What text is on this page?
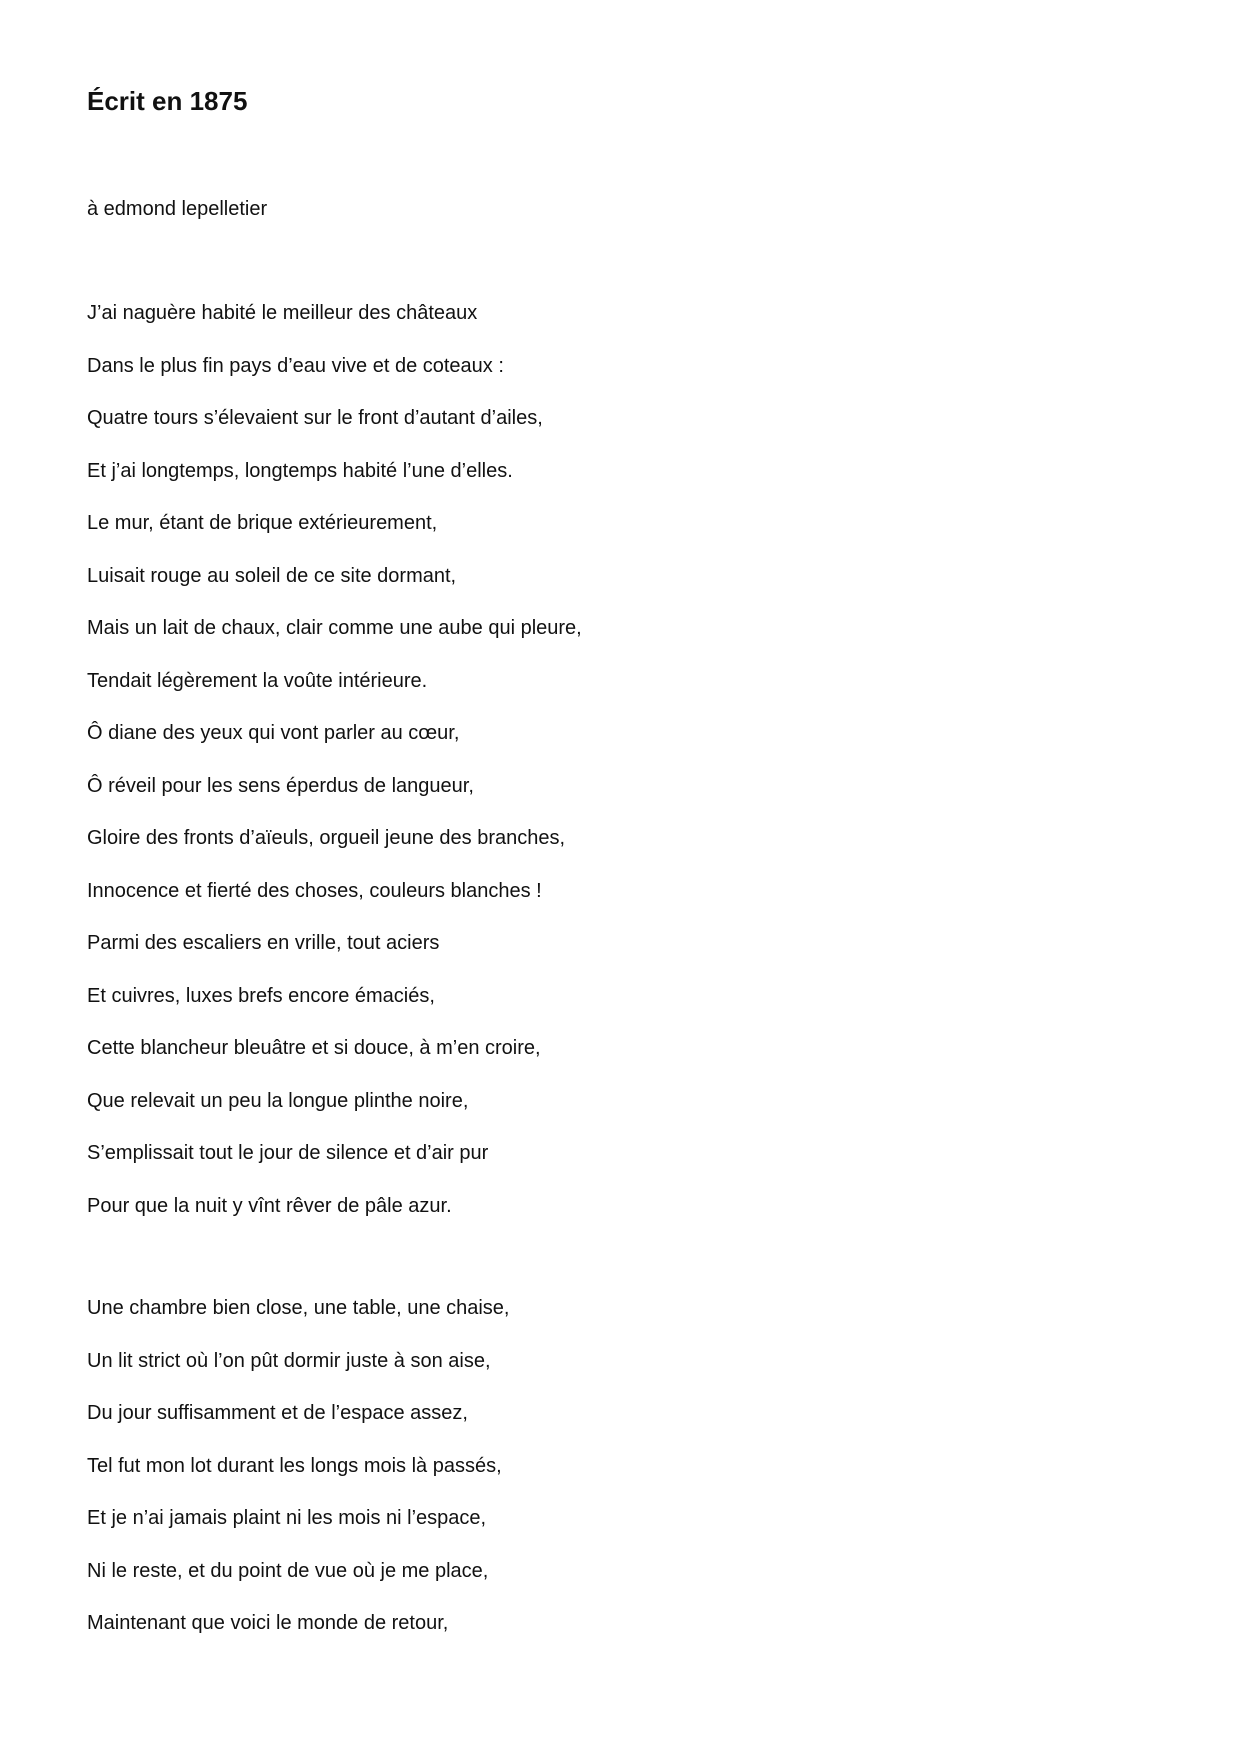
Écrit en 1875

à edmond lepelletier

J’ai naguère habité le meilleur des châteaux
Dans le plus fin pays d’eau vive et de coteaux :
Quatre tours s’élevaient sur le front d’autant d’ailes,
Et j’ai longtemps, longtemps habité l’une d’elles.
Le mur, étant de brique extérieurement,
Luisait rouge au soleil de ce site dormant,
Mais un lait de chaux, clair comme une aube qui pleure,
Tendait légèrement la voûte intérieure.
Ô diane des yeux qui vont parler au cœur,
Ô réveil pour les sens éperdus de langueur,
Gloire des fronts d’aïeuls, orgueil jeune des branches,
Innocence et fierté des choses, couleurs blanches !
Parmi des escaliers en vrille, tout aciers
Et cuivres, luxes brefs encore émaciés,
Cette blancheur bleuâtre et si douce, à m’en croire,
Que relevait un peu la longue plinthe noire,
S’emplissait tout le jour de silence et d’air pur
Pour que la nuit y vînt rêver de pâle azur.
Une chambre bien close, une table, une chaise,
Un lit strict où l’on pût dormir juste à son aise,
Du jour suffisamment et de l’espace assez,
Tel fut mon lot durant les longs mois là passés,
Et je n’ai jamais plaint ni les mois ni l’espace,
Ni le reste, et du point de vue où je me place,
Maintenant que voici le monde de retour,
